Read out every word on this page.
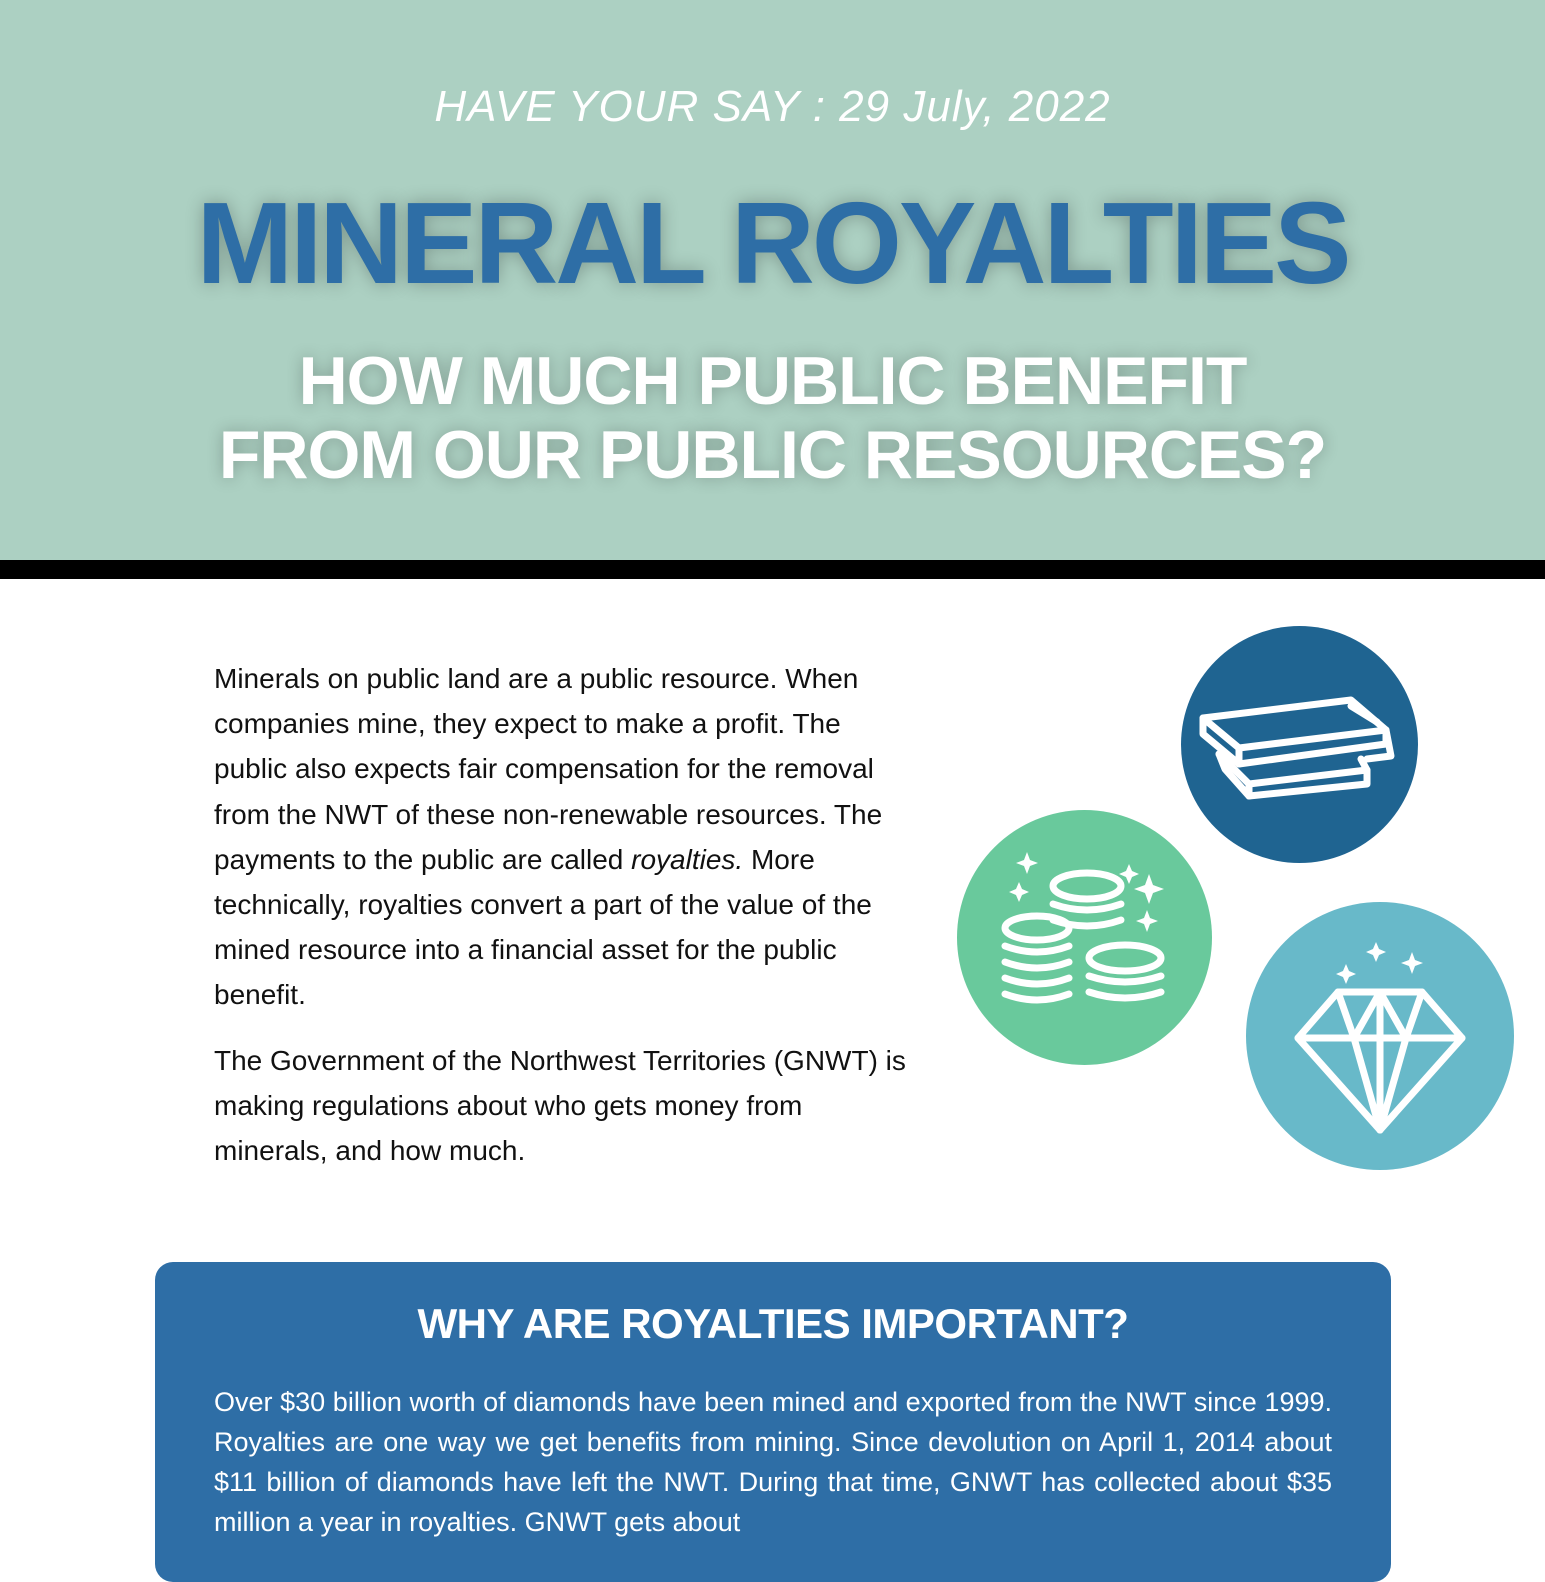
HAVE YOUR SAY : 29 July, 2022
MINERAL ROYALTIES
HOW MUCH PUBLIC BENEFIT
FROM OUR PUBLIC RESOURCES?

Minerals on public land are a public resource. When companies mine, they expect to make a profit. The public also expects fair compensation for the removal from the NWT of these non-renewable resources. The payments to the public are called royalties. More technically, royalties convert a part of the value of the mined resource into a financial asset for the public benefit.

The Government of the Northwest Territories (GNWT) is making regulations about who gets money from minerals, and how much.

WHY ARE ROYALTIES IMPORTANT?
Over $30 billion worth of diamonds have been mined and exported from the NWT since 1999. Royalties are one way we get benefits from mining. Since devolution on April 1, 2014 about $11 billion of diamonds have left the NWT. During that time, GNWT has collected about $35 million a year in royalties. GNWT gets about
